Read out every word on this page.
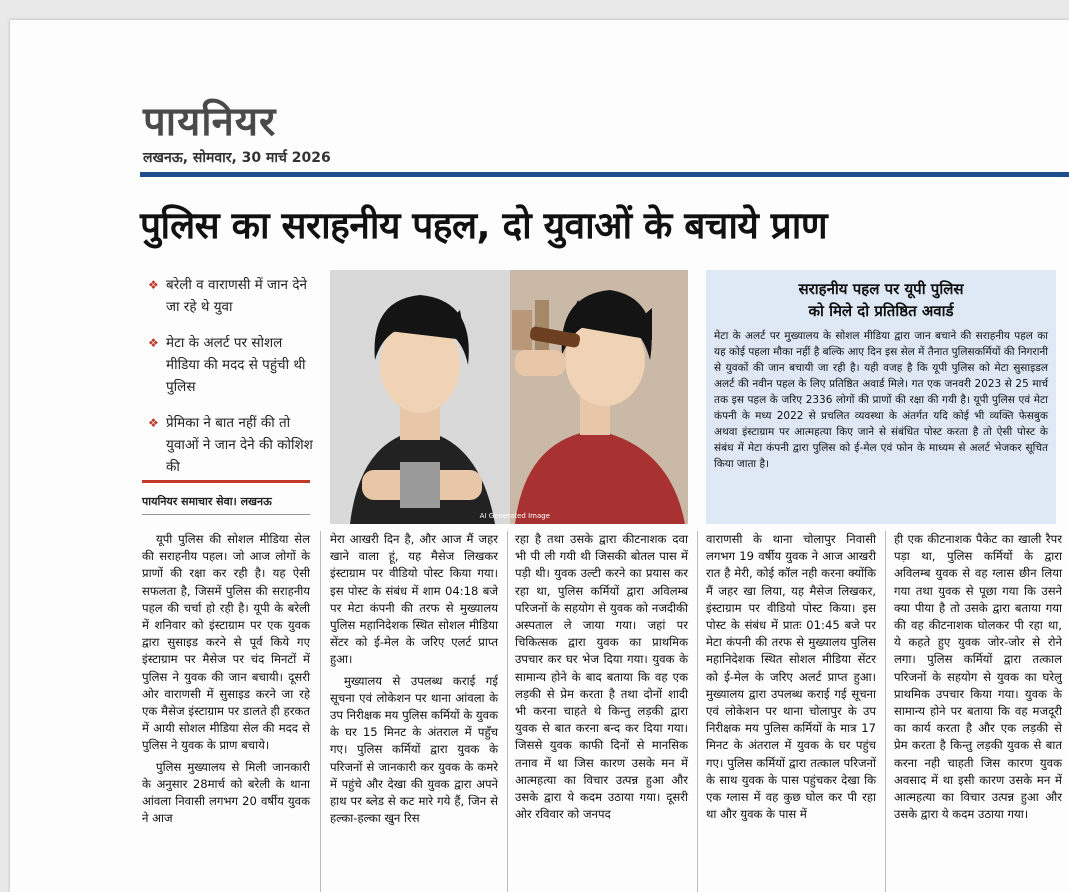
पायनियर
लखनऊ, सोमवार, 30 मार्च 2026
पुलिस का सराहनीय पहल, दो युवाओं के बचाये प्राण
❖ बरेली व वाराणसी में जान देने जा रहे थे युवा
❖ मेटा के अलर्ट पर सोशल मीडिया की मदद से पहुंची थी पुलिस
❖ प्रेमिका ने बात नहीं की तो युवाओं ने जान देने की कोशिश की
पायनियर समाचार सेवा। लखनऊ
AI Generated Image
सराहनीय पहल पर यूपी पुलिस
को मिले दो प्रतिष्ठित अवार्ड
मेटा के अलर्ट पर मुख्यालय के सोशल मीडिया द्वारा जान बचाने की सराहनीय पहल का यह कोई पहला मौका नहीं है बल्कि आए दिन इस सेल में तैनात पुलिसकर्मियों की निगरानी से युवकों की जान बचायी जा रही है। यही वजह है कि यूपी पुलिस को मेटा सुसाइडल अलर्ट की नवीन पहल के लिए प्रतिष्ठित अवार्ड मिले। गत एक जनवरी 2023 से 25 मार्च तक इस पहल के जरिए 2336 लोगों की प्राणों की रक्षा की गयी है। यूपी पुलिस एवं मेटा कंपनी के मध्य 2022 से प्रचलित व्यवस्था के अंतर्गत यदि कोई भी व्यक्ति फेसबुक अथवा इंस्टाग्राम पर आत्महत्या किए जाने से संबंधित पोस्ट करता है तो ऐसी पोस्ट के संबंध में मेटा कंपनी द्वारा पुलिस को ई-मेल एवं फोन के माध्यम से अलर्ट भेजकर सूचित किया जाता है।

यूपी पुलिस की सोशल मीडिया सेल की सराहनीय पहल। जो आज लोगों के प्राणों की रक्षा कर रही है। यह ऐसी सफलता है, जिसमें पुलिस की सराहनीय पहल की चर्चा हो रही है। यूपी के बरेली में शनिवार को इंस्टाग्राम पर एक युवक द्वारा सुसाइड करने से पूर्व किये गए इंस्टाग्राम पर मैसेज पर चंद मिनटों में पुलिस ने युवक की जान बचायी। दूसरी ओर वाराणसी में सुसाइड करने जा रहे एक मैसेज इंस्टाग्राम पर डालते ही हरकत में आयी सोशल मीडिया सेल की मदद से पुलिस ने युवक के प्राण बचाये।

पुलिस मुख्यालय से मिली जानकारी के अनुसार 28मार्च को बरेली के थाना आंवला निवासी लगभग 20 वर्षीय युवक ने आज

मेरा आखरी दिन है, और आज मैं जहर खाने वाला हूं, यह मैसेज लिखकर इंस्टाग्राम पर वीडियो पोस्ट किया गया। इस पोस्ट के संबंध में शाम 04:18 बजे पर मेटा कंपनी की तरफ से मुख्यालय पुलिस महानिदेशक स्थित सोशल मीडिया सेंटर को ई-मेल के जरिए एलर्ट प्राप्त हुआ।

मुख्यालय से उपलब्ध कराई गई सूचना एवं लोकेशन पर थाना आंवला के उप निरीक्षक मय पुलिस कर्मियों के युवक के घर 15 मिनट के अंतराल में पहुँच गए। पुलिस कर्मियों द्वारा युवक के परिजनों से जानकारी कर युवक के कमरे में पहुंचे और देखा की युवक द्वारा अपने हाथ पर ब्लेड से कट मारे गये हैं, जिन से हल्का-हल्का खुन रिस

रहा है तथा उसके द्वारा कीटनाशक दवा भी पी ली गयी थी जिसकी बोतल पास में पड़ी थी। युवक उल्टी करने का प्रयास कर रहा था, पुलिस कर्मियों द्वारा अविलम्ब परिजनों के सहयोग से युवक को नजदीकी अस्पताल ले जाया गया। जहां पर चिकित्सक द्वारा युवक का प्राथमिक उपचार कर घर भेज दिया गया। युवक के सामान्य होने के बाद बताया कि वह एक लड़की से प्रेम करता है तथा दोनों शादी भी करना चाहते थे किन्तु लड़की द्वारा युवक से बात करना बन्द कर दिया गया। जिससे युवक काफी दिनों से मानसिक तनाव में था जिस कारण उसके मन में आत्महत्या का विचार उत्पन्न हुआ और उसके द्वारा ये कदम उठाया गया। दूसरी ओर रविवार को जनपद

वाराणसी के थाना चोलापुर निवासी लगभग 19 वर्षीय युवक ने आज आखरी रात है मेरी, कोई कॉल नही करना क्योंकि मैं जहर खा लिया, यह मैसेज लिखकर, इंस्टाग्राम पर वीडियो पोस्ट किया। इस पोस्ट के संबंध में प्रातः 01:45 बजे पर मेटा कंपनी की तरफ से मुख्यालय पुलिस महानिदेशक स्थित सोशल मीडिया सेंटर को ई-मेल के जरिए अलर्ट प्राप्त हुआ। मुख्यालय द्वारा उपलब्ध कराई गई सूचना एवं लोकेशन पर थाना चोलापुर के उप निरीक्षक मय पुलिस कर्मियों के मात्र 17 मिनट के अंतराल में युवक के घर पहुंच गए। पुलिस कर्मियों द्वारा तत्काल परिजनों के साथ युवक के पास पहुंचकर देखा कि एक ग्लास में वह कुछ घोल कर पी रहा था और युवक के पास में

ही एक कीटनाशक पैकेट का खाली रैपर पड़ा था, पुलिस कर्मियों के द्वारा अविलम्ब युवक से वह ग्लास छीन लिया गया तथा युवक से पूछा गया कि उसने क्या पीया है तो उसके द्वारा बताया गया की वह कीटनाशक घोलकर पी रहा था, ये कहते हुए युवक जोर-जोर से रोने लगा। पुलिस कर्मियों द्वारा तत्काल परिजनों के सहयोग से युवक का घरेलु प्राथमिक उपचार किया गया। युवक के सामान्य होने पर बताया कि वह मजदूरी का कार्य करता है और एक लड़की से प्रेम करता है किन्तु लड़की युवक से बात करना नही चाहती जिस कारण युवक अवसाद में था इसी कारण उसके मन में आत्महत्या का विचार उत्पन्न हुआ और उसके द्वारा ये कदम उठाया गया।
